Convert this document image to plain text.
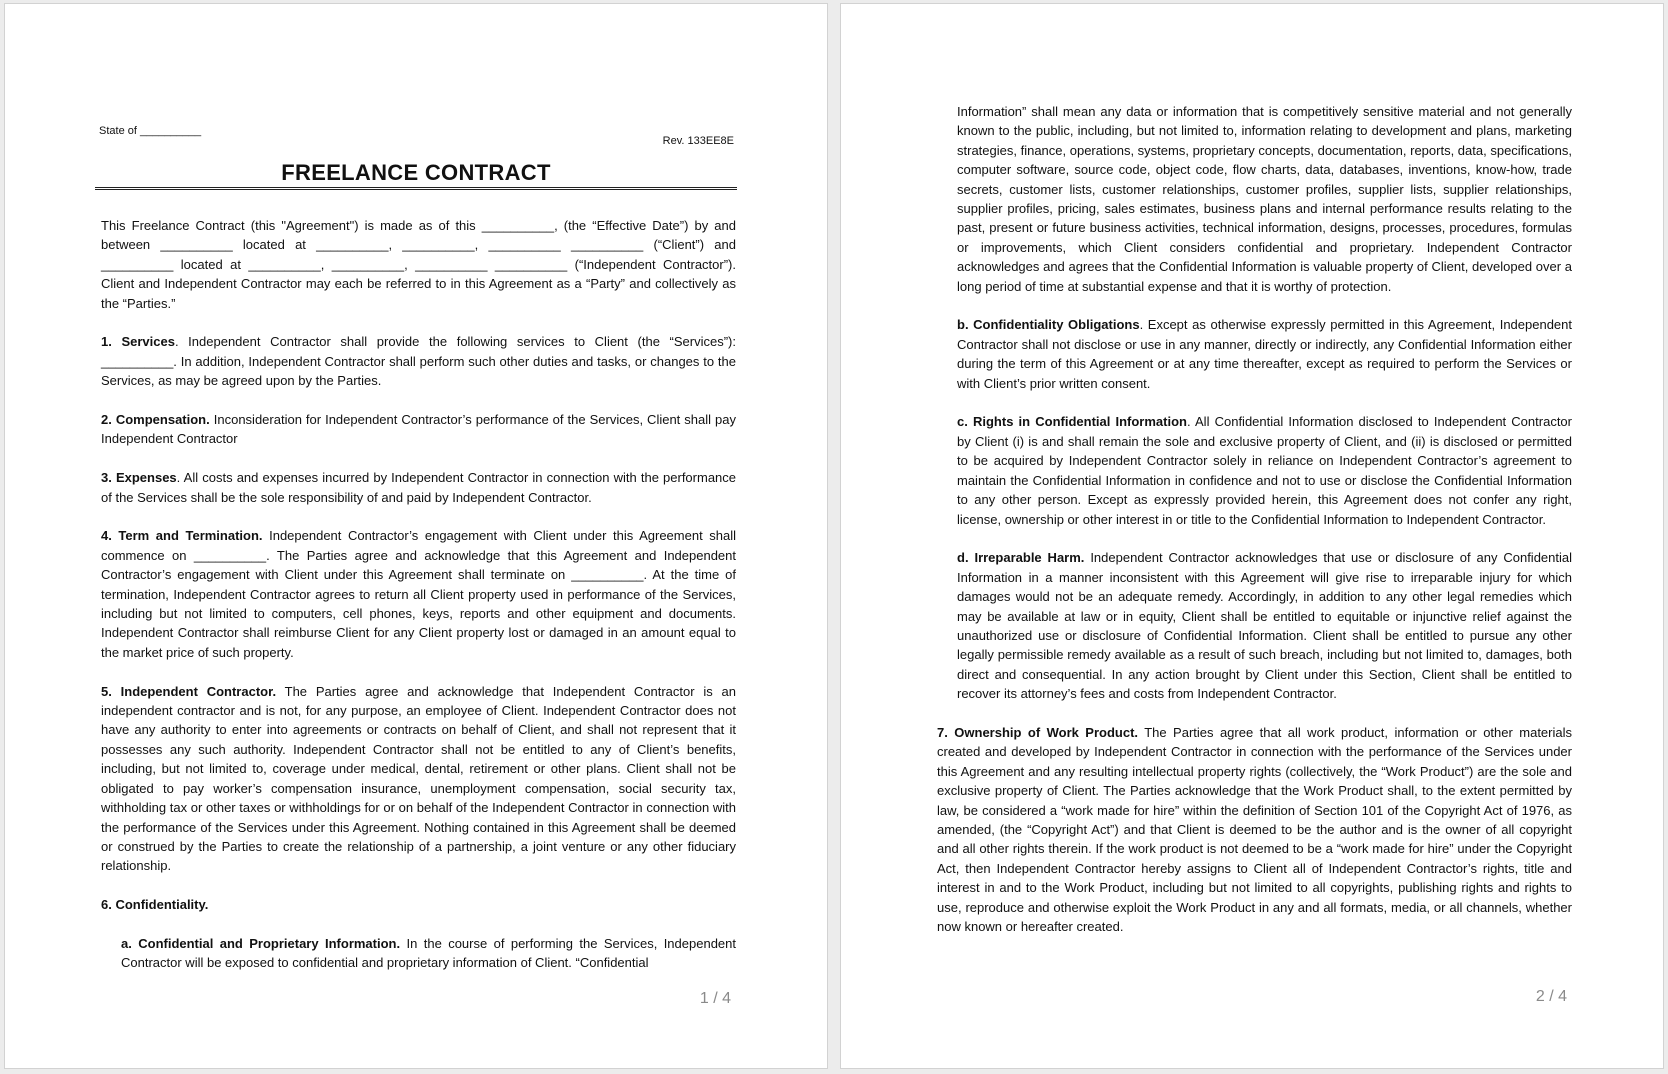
State of __________
Rev. 133EE8E
FREELANCE CONTRACT

This Freelance Contract (this "Agreement") is made as of this __________, (the “Effective Date”) by and between __________ located at __________, __________, __________ __________ (“Client”) and __________ located at __________, __________, __________ __________ (“Independent Contractor”). Client and Independent Contractor may each be referred to in this Agreement as a “Party” and collectively as the “Parties.”

1. Services. Independent Contractor shall provide the following services to Client (the “Services”): __________. In addition, Independent Contractor shall perform such other duties and tasks, or changes to the Services, as may be agreed upon by the Parties.

2. Compensation. Inconsideration for Independent Contractor’s performance of the Services, Client shall pay Independent Contractor

3. Expenses. All costs and expenses incurred by Independent Contractor in connection with the performance of the Services shall be the sole responsibility of and paid by Independent Contractor.

4. Term and Termination. Independent Contractor’s engagement with Client under this Agreement shall commence on __________. The Parties agree and acknowledge that this Agreement and Independent Contractor’s engagement with Client under this Agreement shall terminate on __________. At the time of termination, Independent Contractor agrees to return all Client property used in performance of the Services, including but not limited to computers, cell phones, keys, reports and other equipment and documents. Independent Contractor shall reimburse Client for any Client property lost or damaged in an amount equal to the market price of such property.

5. Independent Contractor. The Parties agree and acknowledge that Independent Contractor is an independent contractor and is not, for any purpose, an employee of Client. Independent Contractor does not have any authority to enter into agreements or contracts on behalf of Client, and shall not represent that it possesses any such authority. Independent Contractor shall not be entitled to any of Client’s benefits, including, but not limited to, coverage under medical, dental, retirement or other plans. Client shall not be obligated to pay worker’s compensation insurance, unemployment compensation, social security tax, withholding tax or other taxes or withholdings for or on behalf of the Independent Contractor in connection with the performance of the Services under this Agreement. Nothing contained in this Agreement shall be deemed or construed by the Parties to create the relationship of a partnership, a joint venture or any other fiduciary relationship.

6. Confidentiality.

a. Confidential and Proprietary Information. In the course of performing the Services, Independent Contractor will be exposed to confidential and proprietary information of Client. “Confidential

1 / 4

Information” shall mean any data or information that is competitively sensitive material and not generally known to the public, including, but not limited to, information relating to development and plans, marketing strategies, finance, operations, systems, proprietary concepts, documentation, reports, data, specifications, computer software, source code, object code, flow charts, data, databases, inventions, know-how, trade secrets, customer lists, customer relationships, customer profiles, supplier lists, supplier relationships, supplier profiles, pricing, sales estimates, business plans and internal performance results relating to the past, present or future business activities, technical information, designs, processes, procedures, formulas or improvements, which Client considers confidential and proprietary. Independent Contractor acknowledges and agrees that the Confidential Information is valuable property of Client, developed over a long period of time at substantial expense and that it is worthy of protection.

b. Confidentiality Obligations. Except as otherwise expressly permitted in this Agreement, Independent Contractor shall not disclose or use in any manner, directly or indirectly, any Confidential Information either during the term of this Agreement or at any time thereafter, except as required to perform the Services or with Client’s prior written consent.

c. Rights in Confidential Information. All Confidential Information disclosed to Independent Contractor by Client (i) is and shall remain the sole and exclusive property of Client, and (ii) is disclosed or permitted to be acquired by Independent Contractor solely in reliance on Independent Contractor’s agreement to maintain the Confidential Information in confidence and not to use or disclose the Confidential Information to any other person. Except as expressly provided herein, this Agreement does not confer any right, license, ownership or other interest in or title to the Confidential Information to Independent Contractor.

d. Irreparable Harm. Independent Contractor acknowledges that use or disclosure of any Confidential Information in a manner inconsistent with this Agreement will give rise to irreparable injury for which damages would not be an adequate remedy. Accordingly, in addition to any other legal remedies which may be available at law or in equity, Client shall be entitled to equitable or injunctive relief against the unauthorized use or disclosure of Confidential Information. Client shall be entitled to pursue any other legally permissible remedy available as a result of such breach, including but not limited to, damages, both direct and consequential. In any action brought by Client under this Section, Client shall be entitled to recover its attorney’s fees and costs from Independent Contractor.

7. Ownership of Work Product. The Parties agree that all work product, information or other materials created and developed by Independent Contractor in connection with the performance of the Services under this Agreement and any resulting intellectual property rights (collectively, the “Work Product”) are the sole and exclusive property of Client. The Parties acknowledge that the Work Product shall, to the extent permitted by law, be considered a “work made for hire” within the definition of Section 101 of the Copyright Act of 1976, as amended, (the “Copyright Act”) and that Client is deemed to be the author and is the owner of all copyright and all other rights therein. If the work product is not deemed to be a “work made for hire” under the Copyright Act, then Independent Contractor hereby assigns to Client all of Independent Contractor’s rights, title and interest in and to the Work Product, including but not limited to all copyrights, publishing rights and rights to use, reproduce and otherwise exploit the Work Product in any and all formats, media, or all channels, whether now known or hereafter created.

2 / 4
